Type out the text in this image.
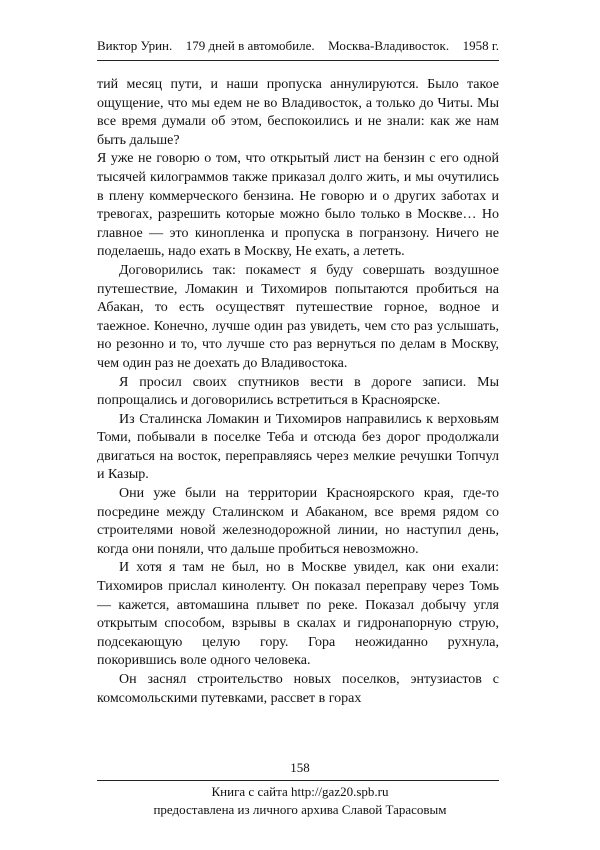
Виктор Урин. 179 дней в автомобиле. Москва-Владивосток. 1958 г.

тий месяц пути, и наши пропуска аннулируются. Было такое ощущение, что мы едем не во Владивосток, а только до Читы. Мы все время думали об этом, беспокоились и не знали: как же нам быть дальше?

Я уже не говорю о том, что открытый лист на бензин с его одной тысячей килограммов также приказал долго жить, и мы очутились в плену коммерческого бензина. Не говорю и о других заботах и тревогах, разрешить которые можно было только в Москве… Но главное — это кинопленка и пропуска в погранзону. Ничего не поделаешь, надо ехать в Москву, Не ехать, а лететь.

Договорились так: покамест я буду совершать воздушное путешествие, Ломакин и Тихомиров попытаются пробиться на Абакан, то есть осуществят путешествие горное, водное и таежное. Конечно, лучше один раз увидеть, чем сто раз услышать, но резонно и то, что лучше сто раз вернуться по делам в Москву, чем один раз не доехать до Владивостока.

Я просил своих спутников вести в дороге записи. Мы попрощались и договорились встретиться в Красноярске.

Из Сталинска Ломакин и Тихомиров направились к верховьям Томи, побывали в поселке Теба и отсюда без дорог продолжали двигаться на восток, переправляясь через мелкие речушки Топчул и Казыр.

Они уже были на территории Красноярского края, где-то посредине между Сталинском и Абаканом, все время рядом со строителями новой железнодорожной линии, но наступил день, когда они поняли, что дальше пробиться невозможно.

И хотя я там не был, но в Москве увидел, как они ехали: Тихомиров прислал киноленту. Он показал переправу через Томь — кажется, автомашина плывет по реке. Показал добычу угля открытым способом, взрывы в скалах и гидронапорную струю, подсекающую целую гору. Гора неожиданно рухнула, покорившись воле одного человека.

Он заснял строительство новых поселков, энтузиастов с комсомольскими путевками, рассвет в горах

158
Книга с сайта http://gaz20.spb.ru
предоставлена из личного архива Славой Тарасовым
